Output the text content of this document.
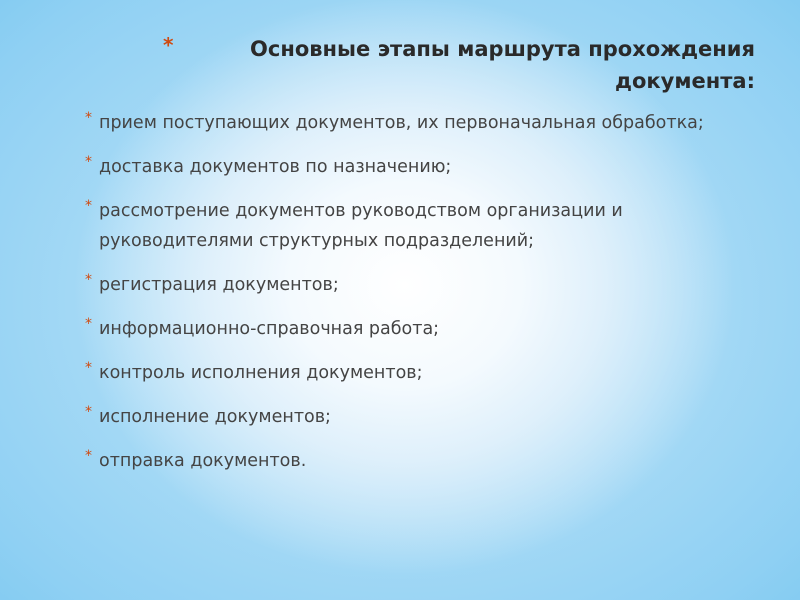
*	Основные этапы маршрута прохождения документа:
* прием поступающих документов, их первоначальная обработка;
* доставка документов по назначению;
* рассмотрение документов руководством организации и руководителями структурных подразделений;
* регистрация документов;
* информационно-справочная работа;
* контроль исполнения документов;
* исполнение документов;
* отправка документов.
